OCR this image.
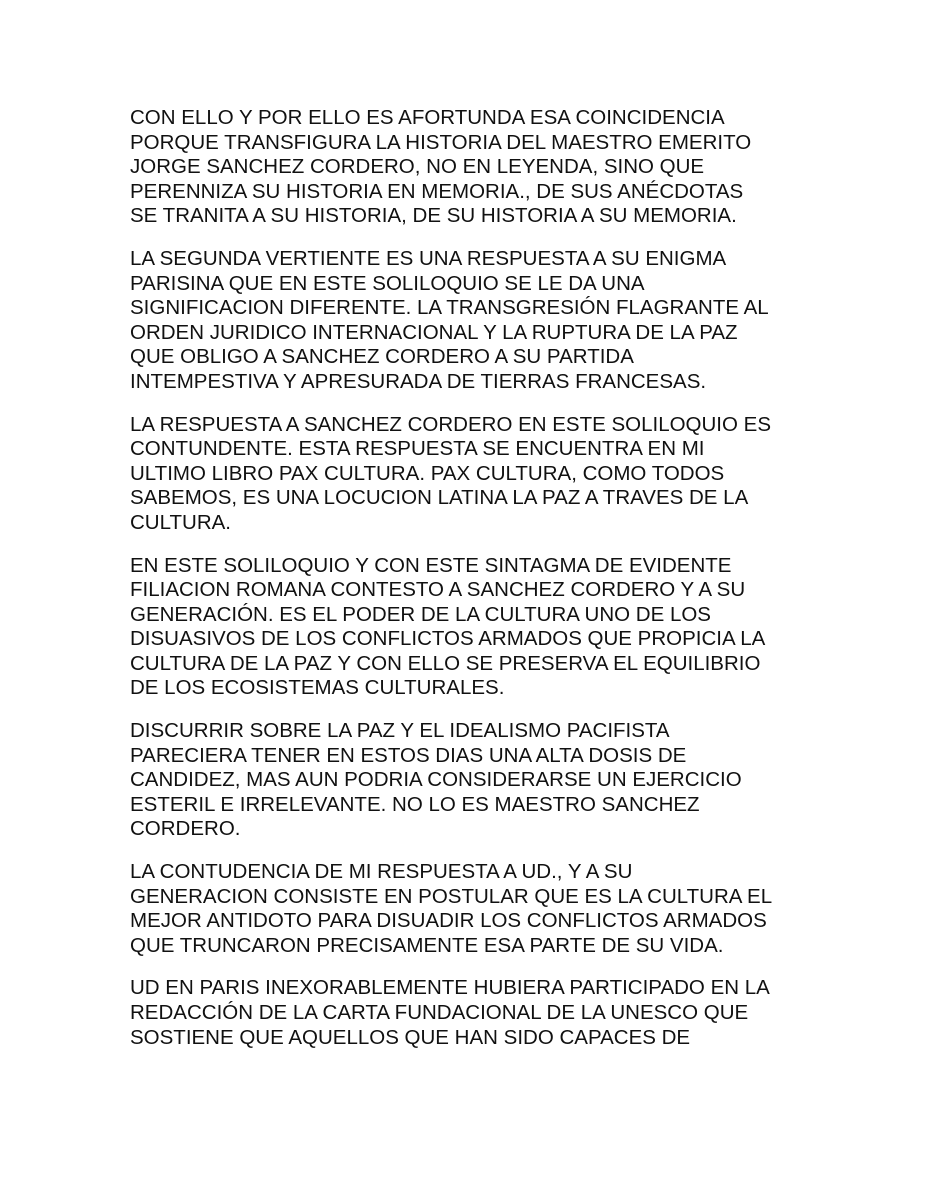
CON ELLO Y POR ELLO ES AFORTUNDA ESA COINCIDENCIA
PORQUE TRANSFIGURA LA HISTORIA DEL MAESTRO EMERITO
JORGE SANCHEZ CORDERO, NO EN LEYENDA, SINO QUE
PERENNIZA SU HISTORIA EN MEMORIA., DE SUS ANÉCDOTAS
SE TRANITA A SU HISTORIA, DE SU HISTORIA A SU MEMORIA.

LA SEGUNDA VERTIENTE ES UNA RESPUESTA A SU ENIGMA
PARISINA QUE EN ESTE SOLILOQUIO SE LE DA UNA
SIGNIFICACION DIFERENTE. LA TRANSGRESIÓN FLAGRANTE AL
ORDEN JURIDICO INTERNACIONAL Y LA RUPTURA DE LA PAZ
QUE OBLIGO A SANCHEZ CORDERO A SU PARTIDA
INTEMPESTIVA Y APRESURADA DE TIERRAS FRANCESAS.

LA RESPUESTA A SANCHEZ CORDERO EN ESTE SOLILOQUIO ES
CONTUNDENTE. ESTA RESPUESTA SE ENCUENTRA EN MI
ULTIMO LIBRO PAX CULTURA. PAX CULTURA, COMO TODOS
SABEMOS, ES UNA LOCUCION LATINA LA PAZ A TRAVES DE LA
CULTURA.

EN ESTE SOLILOQUIO Y CON ESTE SINTAGMA DE EVIDENTE
FILIACION ROMANA CONTESTO A SANCHEZ CORDERO Y A SU
GENERACIÓN. ES EL PODER DE LA CULTURA UNO DE LOS
DISUASIVOS DE LOS CONFLICTOS ARMADOS QUE PROPICIA LA
CULTURA DE LA PAZ Y CON ELLO SE PRESERVA EL EQUILIBRIO
DE LOS ECOSISTEMAS CULTURALES.

DISCURRIR SOBRE LA PAZ Y EL IDEALISMO PACIFISTA
PARECIERA TENER EN ESTOS DIAS UNA ALTA DOSIS DE
CANDIDEZ, MAS AUN PODRIA CONSIDERARSE UN EJERCICIO
ESTERIL E IRRELEVANTE. NO LO ES MAESTRO SANCHEZ
CORDERO.

LA CONTUDENCIA DE MI RESPUESTA A UD., Y A SU
GENERACION CONSISTE EN POSTULAR QUE ES LA CULTURA EL
MEJOR ANTIDOTO PARA DISUADIR LOS CONFLICTOS ARMADOS
QUE TRUNCARON PRECISAMENTE ESA PARTE DE SU VIDA.

UD EN PARIS INEXORABLEMENTE HUBIERA PARTICIPADO EN LA
REDACCIÓN DE LA CARTA FUNDACIONAL DE LA UNESCO QUE
SOSTIENE QUE AQUELLOS QUE HAN SIDO CAPACES DE
